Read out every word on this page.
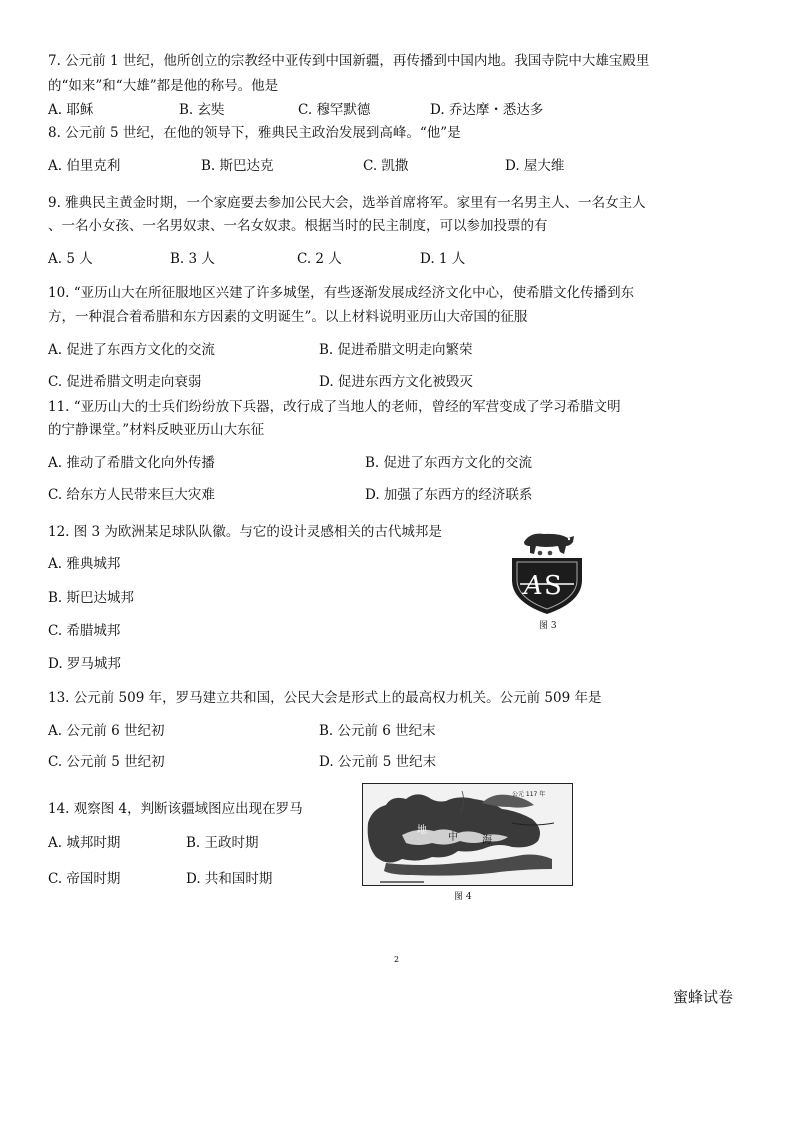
7. 公元前 1 世纪，他所创立的宗教经中亚传到中国新疆，再传播到中国内地。我国寺院中大雄宝殿里
的“如来”和“大雄”都是他的称号。他是
A. 耶稣	B. 玄奘	C. 穆罕默德	D. 乔达摩・悉达多
8. 公元前 5 世纪，在他的领导下，雅典民主政治发展到高峰。“他”是
A. 伯里克利	B. 斯巴达克	C. 凯撒	D. 屋大维
9. 雅典民主黄金时期，一个家庭要去参加公民大会，选举首席将军。家里有一名男主人、一名女主人
、一名小女孩、一名男奴隶、一名女奴隶。根据当时的民主制度，可以参加投票的有
A. 5 人	B. 3 人	C. 2 人	D. 1 人
10. “亚历山大在所征服地区兴建了许多城堡，有些逐渐发展成经济文化中心，使希腊文化传播到东
方，一种混合着希腊和东方因素的文明诞生”。以上材料说明亚历山大帝国的征服
A. 促进了东西方文化的交流	B. 促进希腊文明走向繁荣
C. 促进希腊文明走向衰弱	D. 促进东西方文化被毁灭
11. “亚历山大的士兵们纷纷放下兵器，改行成了当地人的老师，曾经的军营变成了学习希腊文明
的宁静课堂。”材料反映亚历山大东征
A. 推动了希腊文化向外传播	B. 促进了东西方文化的交流
C. 给东方人民带来巨大灾难	D. 加强了东西方的经济联系
12. 图 3 为欧洲某足球队队徽。与它的设计灵感相关的古代城邦是
A. 雅典城邦
B. 斯巴达城邦
C. 希腊城邦
D. 罗马城邦
A S
图 3
13. 公元前 509 年，罗马建立共和国，公民大会是形式上的最高权力机关。公元前 509 年是
A. 公元前 6 世纪初	B. 公元前 6 世纪末
C. 公元前 5 世纪初	D. 公元前 5 世纪末
14. 观察图 4，判断该疆域图应出现在罗马
A. 城邦时期	B. 王政时期
C. 帝国时期	D. 共和国时期
地
中 海
公元 117 年
图 4
2
蜜蜂试卷
